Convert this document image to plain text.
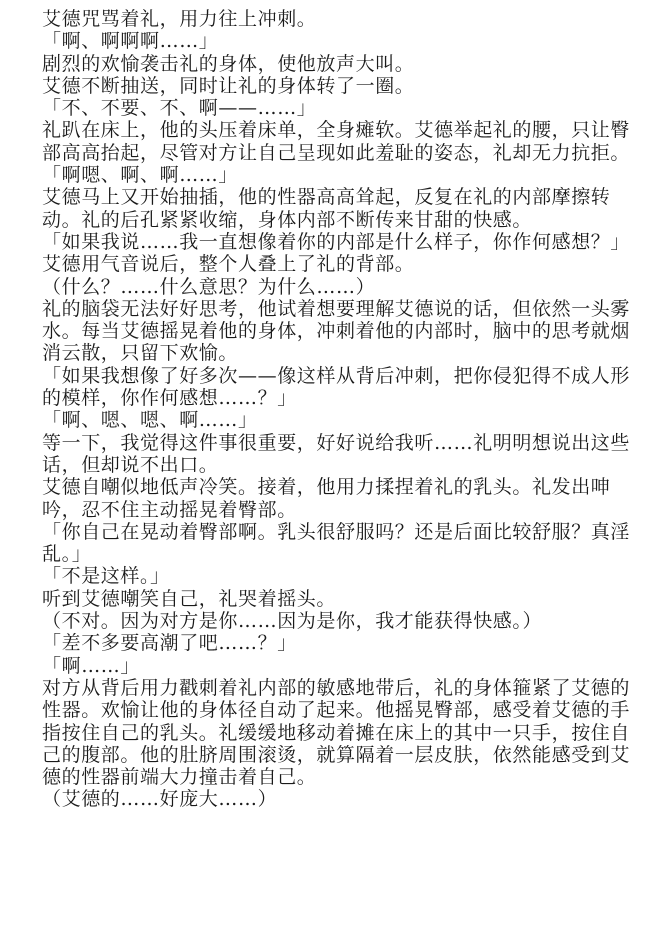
艾德咒骂着礼，用力往上冲刺。

「啊、啊啊啊……」

剧烈的欢愉袭击礼的身体，使他放声大叫。

艾德不断抽送，同时让礼的身体转了一圈。

「不、不要、不、啊——……」

礼趴在床上，他的头压着床单，全身瘫软。艾德举起礼的腰，只让臀部高高抬起，尽管对方让自己呈现如此羞耻的姿态，礼却无力抗拒。

「啊嗯、啊、啊……」

艾德马上又开始抽插，他的性器高高耸起，反复在礼的内部摩擦转动。礼的后孔紧紧收缩，身体内部不断传来甘甜的快感。

「如果我说……我一直想像着你的内部是什么样子，你作何感想？」

艾德用气音说后，整个人叠上了礼的背部。

（什么？……什么意思？为什么……）

礼的脑袋无法好好思考，他试着想要理解艾德说的话，但依然一头雾水。每当艾德摇晃着他的身体，冲刺着他的内部时，脑中的思考就烟消云散，只留下欢愉。

「如果我想像了好多次——像这样从背后冲刺，把你侵犯得不成人形的模样，你作何感想……？」

「啊、嗯、嗯、啊……」

等一下，我觉得这件事很重要，好好说给我听……礼明明想说出这些话，但却说不出口。

艾德自嘲似地低声冷笑。接着，他用力揉捏着礼的乳头。礼发出呻吟，忍不住主动摇晃着臀部。

「你自己在晃动着臀部啊。乳头很舒服吗？还是后面比较舒服？真淫乱。」

「不是这样。」

听到艾德嘲笑自己，礼哭着摇头。

（不对。因为对方是你……因为是你，我才能获得快感。）

「差不多要高潮了吧……？」

「啊……」

对方从背后用力戳刺着礼内部的敏感地带后，礼的身体箍紧了艾德的性器。欢愉让他的身体径自动了起来。他摇晃臀部，感受着艾德的手指按住自己的乳头。礼缓缓地移动着摊在床上的其中一只手，按住自己的腹部。他的肚脐周围滚烫，就算隔着一层皮肤，依然能感受到艾德的性器前端大力撞击着自己。

（艾德的……好庞大……）
